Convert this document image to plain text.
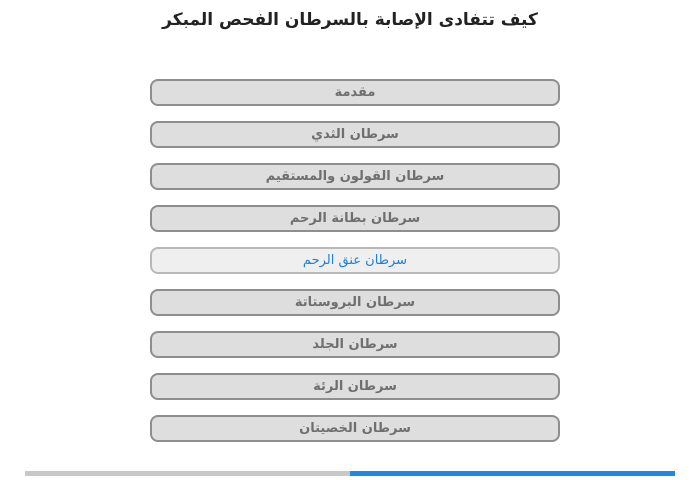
كيف تتفادى الإصابة بالسرطان الفحص المبكر
مقدمة
سرطان الثدي
سرطان القولون والمستقيم
سرطان بطانة الرحم
سرطان عنق الرحم
سرطان البروستاتة
سرطان الجلد
سرطان الرئة
سرطان الخصيتان
